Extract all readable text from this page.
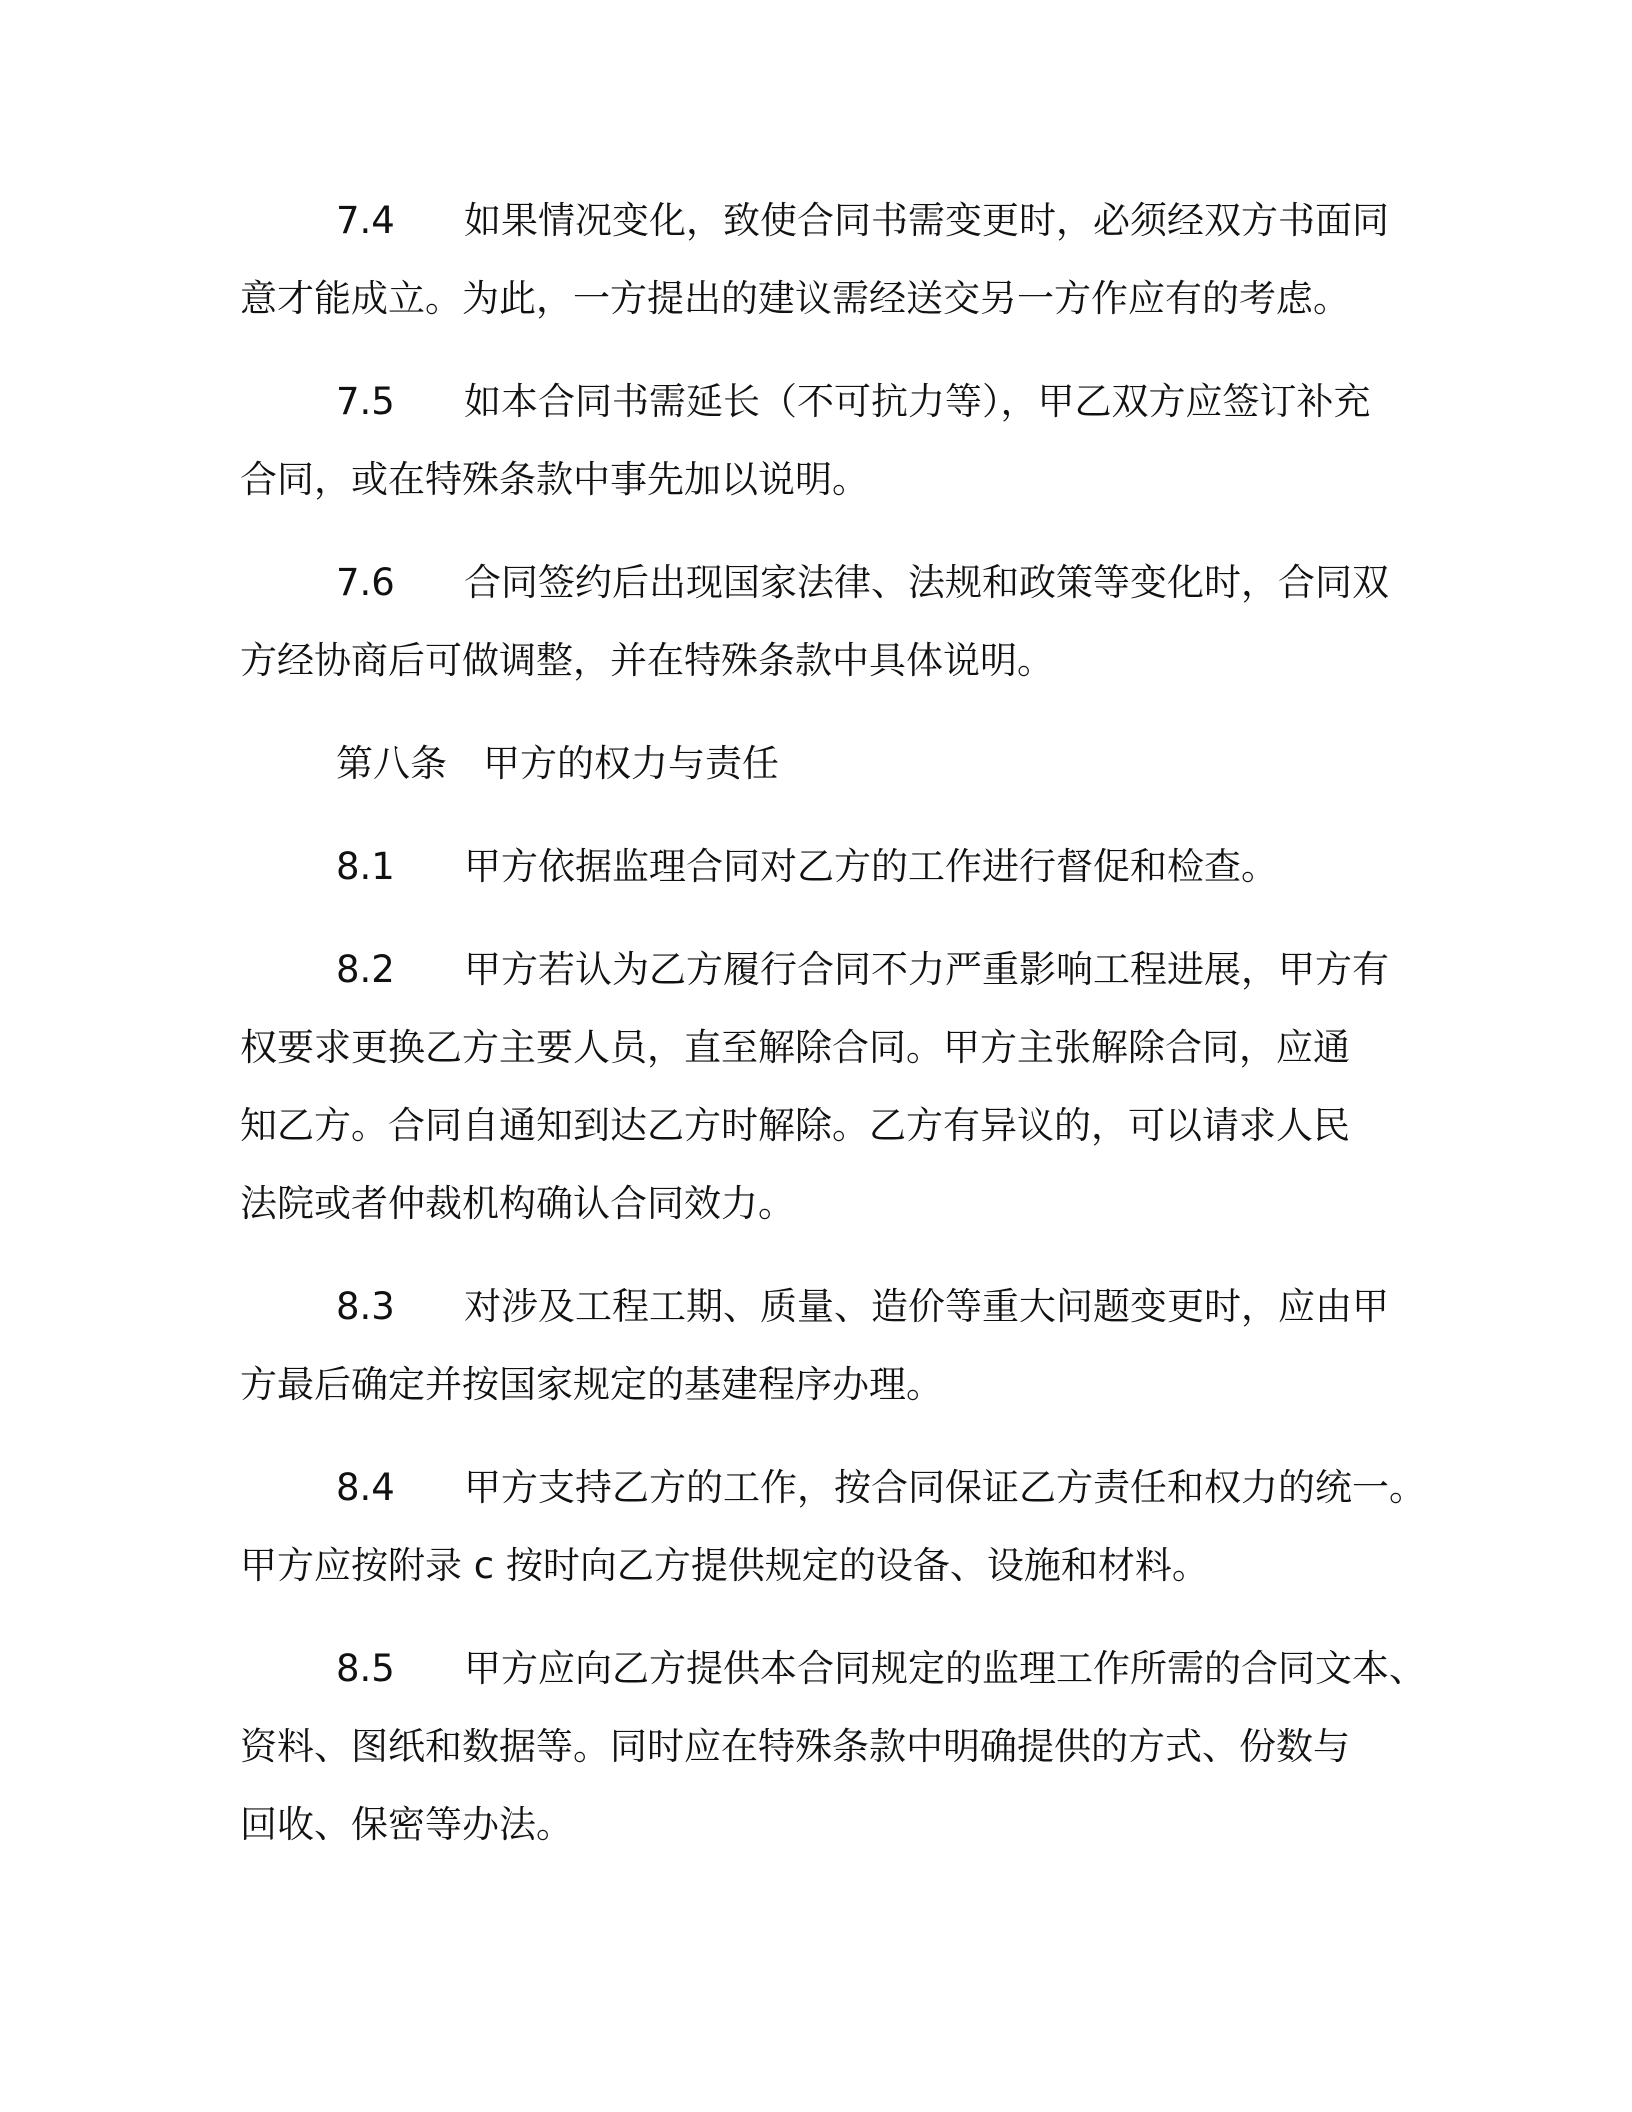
7.4 如果情况变化，致使合同书需变更时，必须经双方书面同
意才能成立。为此，一方提出的建议需经送交另一方作应有的考虑。

7.5 如本合同书需延长（不可抗力等），甲乙双方应签订补充
合同，或在特殊条款中事先加以说明。

7.6 合同签约后出现国家法律、法规和政策等变化时，合同双
方经协商后可做调整，并在特殊条款中具体说明。

第八条 甲方的权力与责任

8.1 甲方依据监理合同对乙方的工作进行督促和检查。

8.2 甲方若认为乙方履行合同不力严重影响工程进展，甲方有
权要求更换乙方主要人员，直至解除合同。甲方主张解除合同，应通
知乙方。合同自通知到达乙方时解除。乙方有异议的，可以请求人民
法院或者仲裁机构确认合同效力。

8.3 对涉及工程工期、质量、造价等重大问题变更时，应由甲
方最后确定并按国家规定的基建程序办理。

8.4 甲方支持乙方的工作，按合同保证乙方责任和权力的统一。
甲方应按附录 c 按时向乙方提供规定的设备、设施和材料。

8.5 甲方应向乙方提供本合同规定的监理工作所需的合同文本、
资料、图纸和数据等。同时应在特殊条款中明确提供的方式、份数与
回收、保密等办法。
